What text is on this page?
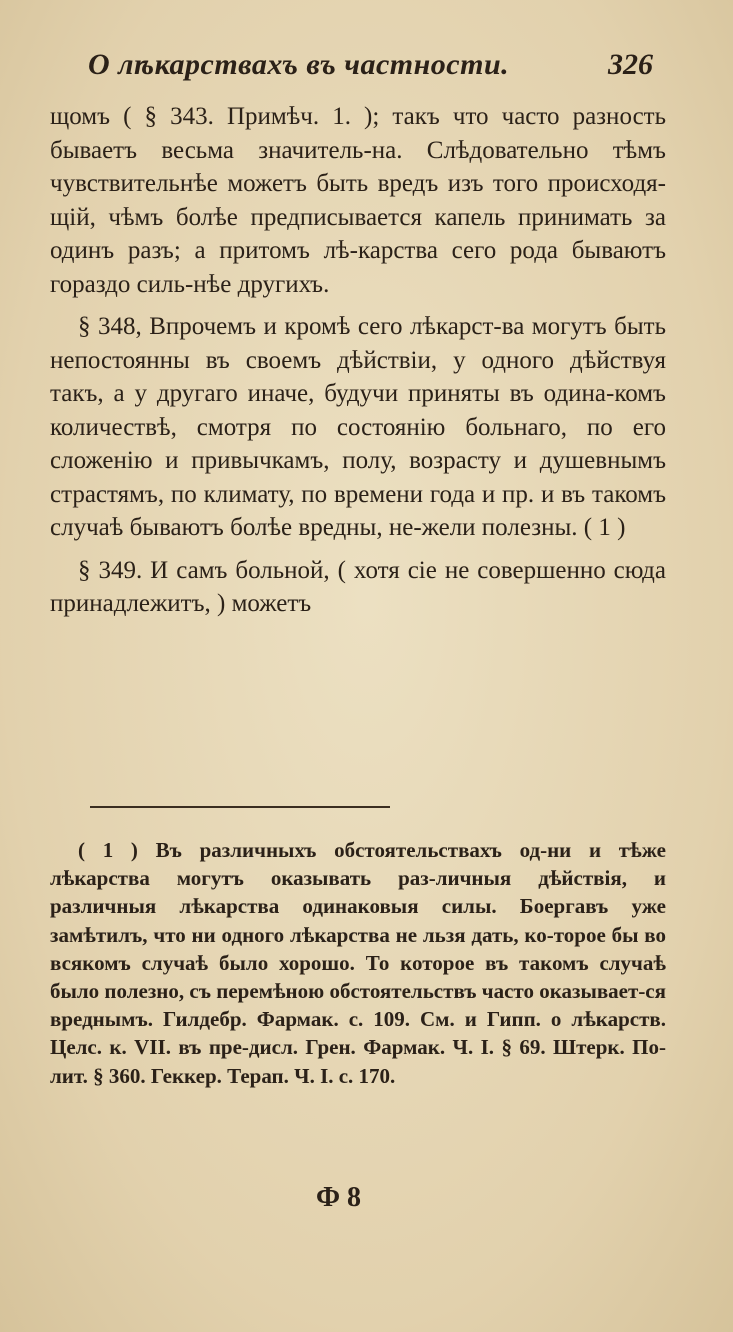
О лѣкарствахъ въ частности.	326

щомъ ( § 343. Примѣч. 1. ); такъ что часто разность бываетъ весьма значитель-на. Слѣдовательно тѣмъ чувствительнѣе можетъ быть вредъ изъ того происходя-щій, чѣмъ болѣе предписывается капель принимать за одинъ разъ; а притомъ лѣ-карства сего рода бываютъ гораздо силь-нѣе другихъ.

§ 348, Впрочемъ и кромѣ сего лѣкарст-ва могутъ быть непостоянны въ своемъ дѣйствіи, у одного дѣйствуя такъ, а у другаго иначе, будучи приняты въ одина-комъ количествѣ, смотря по состоянію больнаго, по его сложенію и привычкамъ, полу, возрасту и душевнымъ страстямъ, по климату, по времени года и пр. и въ такомъ случаѣ бываютъ болѣе вредны, не-жели полезны. ( 1 )

§ 349. И самъ больной, ( хотя сіе не совершенно сюда принадлежитъ, ) можетъ

( 1 ) Въ различныхъ обстоятельствахъ од-ни и тѣже лѣкарства могутъ оказывать раз-личныя дѣйствія, и различныя лѣкарства одинаковыя силы. Боергавъ уже замѣтилъ, что ни одного лѣкарства не льзя дать, ко-торое бы во всякомъ случаѣ было хорошо. То которое въ такомъ случаѣ было полезно, съ перемѣною обстоятельствъ часто оказывает-ся вреднымъ. Гилдебр. Фармак. с. 109. См. и Гипп. о лѣкарств. Целс. к. VII. въ пре-дисл. Грен. Фармак. Ч. I. § 69. Штерк. По-лит. § 360. Геккер. Терап. Ч. I. с. 170.

Ф 8
